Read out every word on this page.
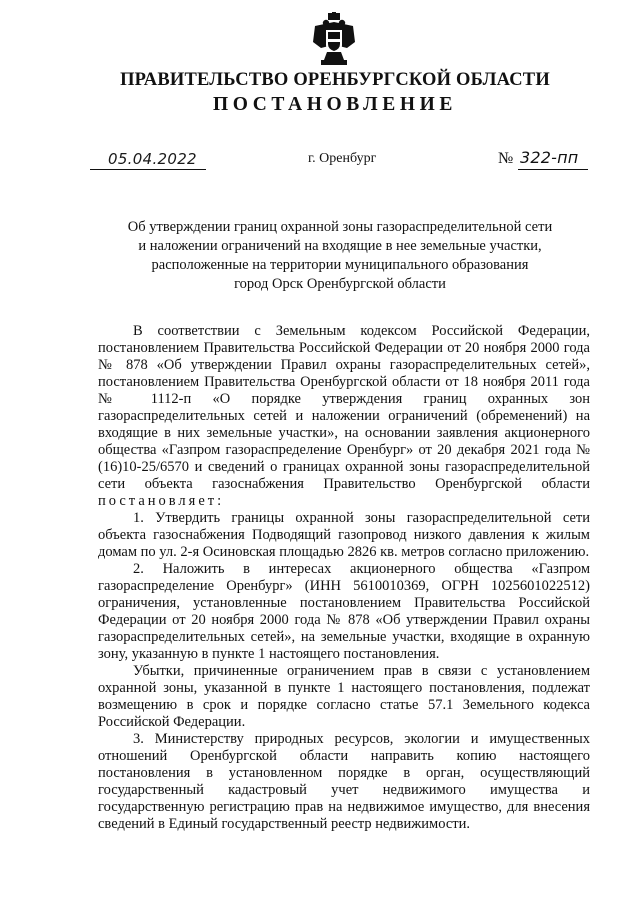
ПРАВИТЕЛЬСТВО ОРЕНБУРГСКОЙ ОБЛАСТИ
ПОСТАНОВЛЕНИЕ
05.04.2022	г. Оренбург	№ 322-пп
Об утверждении границ охранной зоны газораспределительной сети
и наложении ограничений на входящие в нее земельные участки,
расположенные на территории муниципального образования
город Орск Оренбургской области

В соответствии с Земельным кодексом Российской Федерации, постановлением Правительства Российской Федерации от 20 ноября 2000 года № 878 «Об утверждении Правил охраны газораспределительных сетей», постановлением Правительства Оренбургской области от 18 ноября 2011 года № 1112-п «О порядке утверждения границ охранных зон газораспределительных сетей и наложении ограничений (обременений) на входящие в них земельные участки», на основании заявления акционерного общества «Газпром газораспределение Оренбург» от 20 декабря 2021 года № (16)10-25/6570 и сведений о границах охранной зоны газораспределительной сети объекта газоснабжения Правительство Оренбургской области постановляет:

1. Утвердить границы охранной зоны газораспределительной сети объекта газоснабжения Подводящий газопровод низкого давления к жилым домам по ул. 2-я Осиновская площадью 2826 кв. метров согласно приложению.

2. Наложить в интересах акционерного общества «Газпром газораспределение Оренбург» (ИНН 5610010369, ОГРН 1025601022512) ограничения, установленные постановлением Правительства Российской Федерации от 20 ноября 2000 года № 878 «Об утверждении Правил охраны газораспределительных сетей», на земельные участки, входящие в охранную зону, указанную в пункте 1 настоящего постановления.

Убытки, причиненные ограничением прав в связи с установлением охранной зоны, указанной в пункте 1 настоящего постановления, подлежат возмещению в срок и порядке согласно статье 57.1 Земельного кодекса Российской Федерации.

3. Министерству природных ресурсов, экологии и имущественных отношений Оренбургской области направить копию настоящего постановления в установленном порядке в орган, осуществляющий государственный кадастровый учет недвижимого имущества и государственную регистрацию прав на недвижимое имущество, для внесения сведений в Единый государственный реестр недвижимости.
